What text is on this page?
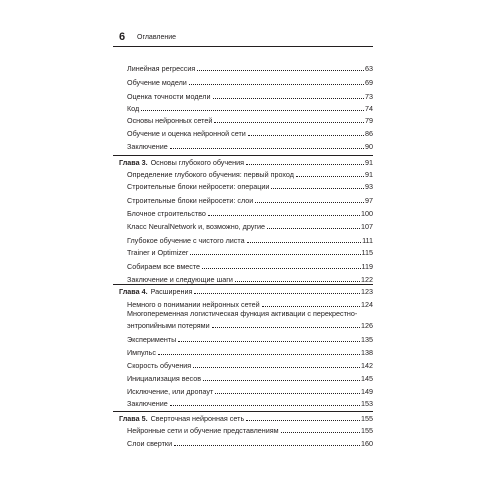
6 Оглавление
Линейная регрессия	63
Обучение модели	69
Оценка точности модели	73
Код	74
Основы нейронных сетей	79
Обучение и оценка нейронной сети	86
Заключение	90
Глава 3. Основы глубокого обучения	91
Определение глубокого обучения: первый проход	91
Строительные блоки нейросети: операции	93
Строительные блоки нейросети: слои	97
Блочное строительство	100
Класс NeuralNetwork и, возможно, другие	107
Глубокое обучение с чистого листа	111
Trainer и Optimizer	115
Собираем все вместе	119
Заключение и следующие шаги	122
Глава 4. Расширения	123
Немного о понимании нейронных сетей	124
Многопеременная логистическая функция активации с перекрестно-
энтропийными потерями	126
Эксперименты	135
Импульс	138
Скорость обучения	142
Инициализация весов	145
Исключение, или дропаут	149
Заключение	153
Глава 5. Сверточная нейронная сеть	155
Нейронные сети и обучение представлениям	155
Слои свертки	160
